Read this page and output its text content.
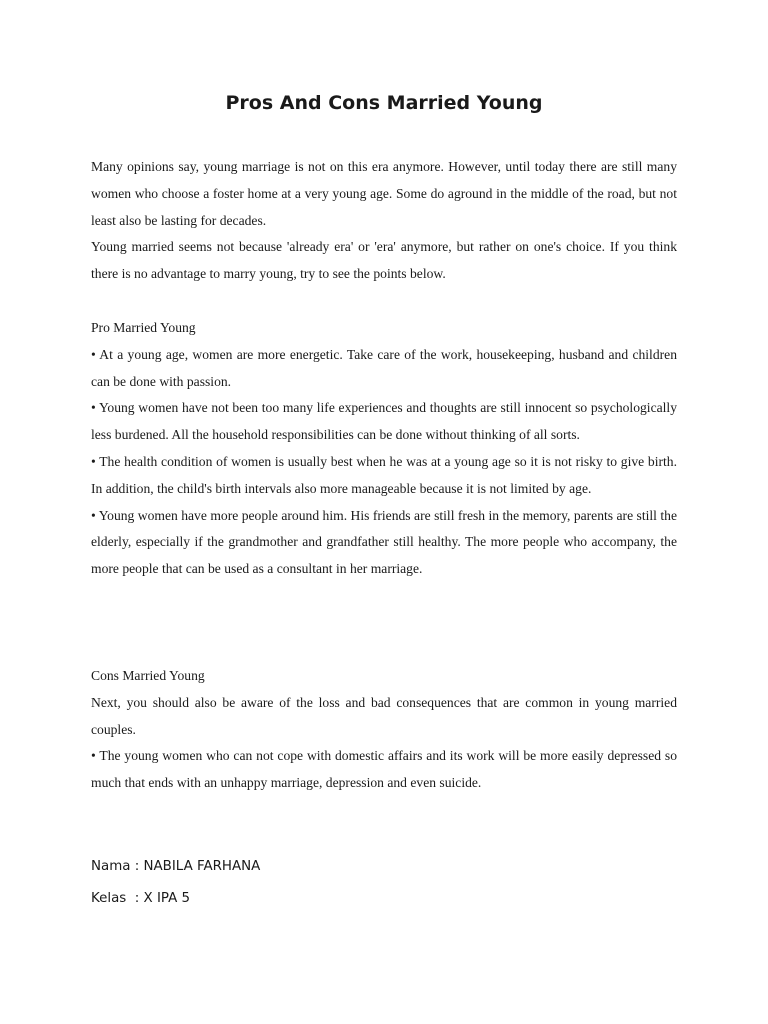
Pros And Cons Married Young

Many opinions say, young marriage is not on this era anymore. However, until today there are still many women who choose a foster home at a very young age. Some do aground in the middle of the road, but not least also be lasting for decades.

Young married seems not because 'already era' or 'era' anymore, but rather on one's choice. If you think there is no advantage to marry young, try to see the points below.

Pro Married Young

• At a young age, women are more energetic. Take care of the work, housekeeping, husband and children can be done with passion.

• Young women have not been too many life experiences and thoughts are still innocent so psychologically less burdened. All the household responsibilities can be done without thinking of all sorts.

• The health condition of women is usually best when he was at a young age so it is not risky to give birth. In addition, the child's birth intervals also more manageable because it is not limited by age.

• Young women have more people around him. His friends are still fresh in the memory, parents are still the elderly, especially if the grandmother and grandfather still healthy. The more people who accompany, the more people that can be used as a consultant in her marriage.

Cons Married Young

Next, you should also be aware of the loss and bad consequences that are common in young married couples.

• The young women who can not cope with domestic affairs and its work will be more easily depressed so much that ends with an unhappy marriage, depression and even suicide.

Nama : NABILA FARHANA
Kelas  : X IPA 5
